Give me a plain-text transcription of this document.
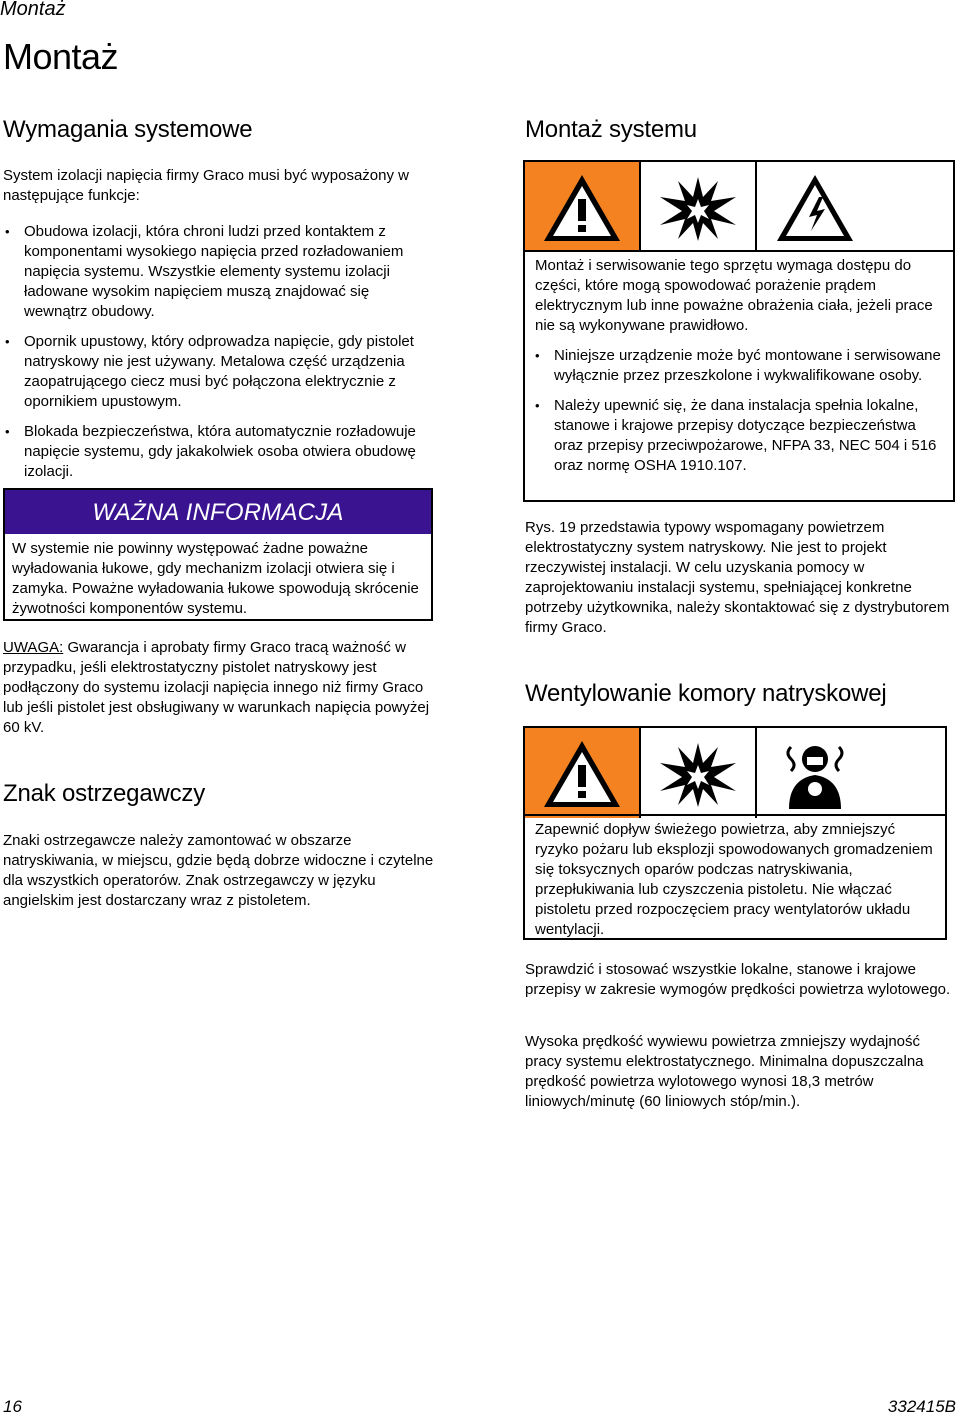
Montaż
Montaż
Wymagania systemowe

System izolacji napięcia firmy Graco musi być wyposażony w następujące funkcje:

• Obudowa izolacji, która chroni ludzi przed kontaktem z komponentami wysokiego napięcia przed rozładowaniem napięcia systemu. Wszystkie elementy systemu izolacji ładowane wysokim napięciem muszą znajdować się wewnątrz obudowy.
• Opornik upustowy, który odprowadza napięcie, gdy pistolet natryskowy nie jest używany. Metalowa część urządzenia zaopatrującego ciecz musi być połączona elektrycznie z opornikiem upustowym.
• Blokada bezpieczeństwa, która automatycznie rozładowuje napięcie systemu, gdy jakakolwiek osoba otwiera obudowę izolacji.
WAŻNA INFORMACJA
W systemie nie powinny występować żadne poważne wyładowania łukowe, gdy mechanizm izolacji otwiera się i zamyka. Poważne wyładowania łukowe spowodują skrócenie żywotności komponentów systemu.

UWAGA: Gwarancja i aprobaty firmy Graco tracą ważność w przypadku, jeśli elektrostatyczny pistolet natryskowy jest podłączony do systemu izolacji napięcia innego niż firmy Graco lub jeśli pistolet jest obsługiwany w warunkach napięcia powyżej 60 kV.

Znak ostrzegawczy

Znaki ostrzegawcze należy zamontować w obszarze natryskiwania, w miejscu, gdzie będą dobrze widoczne i czytelne dla wszystkich operatorów. Znak ostrzegawczy w języku angielskim jest dostarczany wraz z pistoletem.

Montaż systemu
Montaż i serwisowanie tego sprzętu wymaga dostępu do części, które mogą spowodować porażenie prądem elektrycznym lub inne poważne obrażenia ciała, jeżeli prace nie są wykonywane prawidłowo.
• Niniejsze urządzenie może być montowane i serwisowane wyłącznie przez przeszkolone i wykwalifikowane osoby.
• Należy upewnić się, że dana instalacja spełnia lokalne, stanowe i krajowe przepisy dotyczące bezpieczeństwa oraz przepisy przeciwpożarowe, NFPA 33, NEC 504 i 516 oraz normę OSHA 1910.107.

Rys. 19 przedstawia typowy wspomagany powietrzem elektrostatyczny system natryskowy. Nie jest to projekt rzeczywistej instalacji. W celu uzyskania pomocy w zaprojektowaniu instalacji systemu, spełniającej konkretne potrzeby użytkownika, należy skontaktować się z dystrybutorem firmy Graco.

Wentylowanie komory natryskowej
Zapewnić dopływ świeżego powietrza, aby zmniejszyć ryzyko pożaru lub eksplozji spowodowanych gromadzeniem się toksycznych oparów podczas natryskiwania, przepłukiwania lub czyszczenia pistoletu. Nie włączać pistoletu przed rozpoczęciem pracy wentylatorów układu wentylacji.

Sprawdzić i stosować wszystkie lokalne, stanowe i krajowe przepisy w zakresie wymogów prędkości powietrza wylotowego.

Wysoka prędkość wywiewu powietrza zmniejszy wydajność pracy systemu elektrostatycznego. Minimalna dopuszczalna prędkość powietrza wylotowego wynosi 18,3 metrów liniowych/minutę (60 liniowych stóp/min.).

16	332415B
